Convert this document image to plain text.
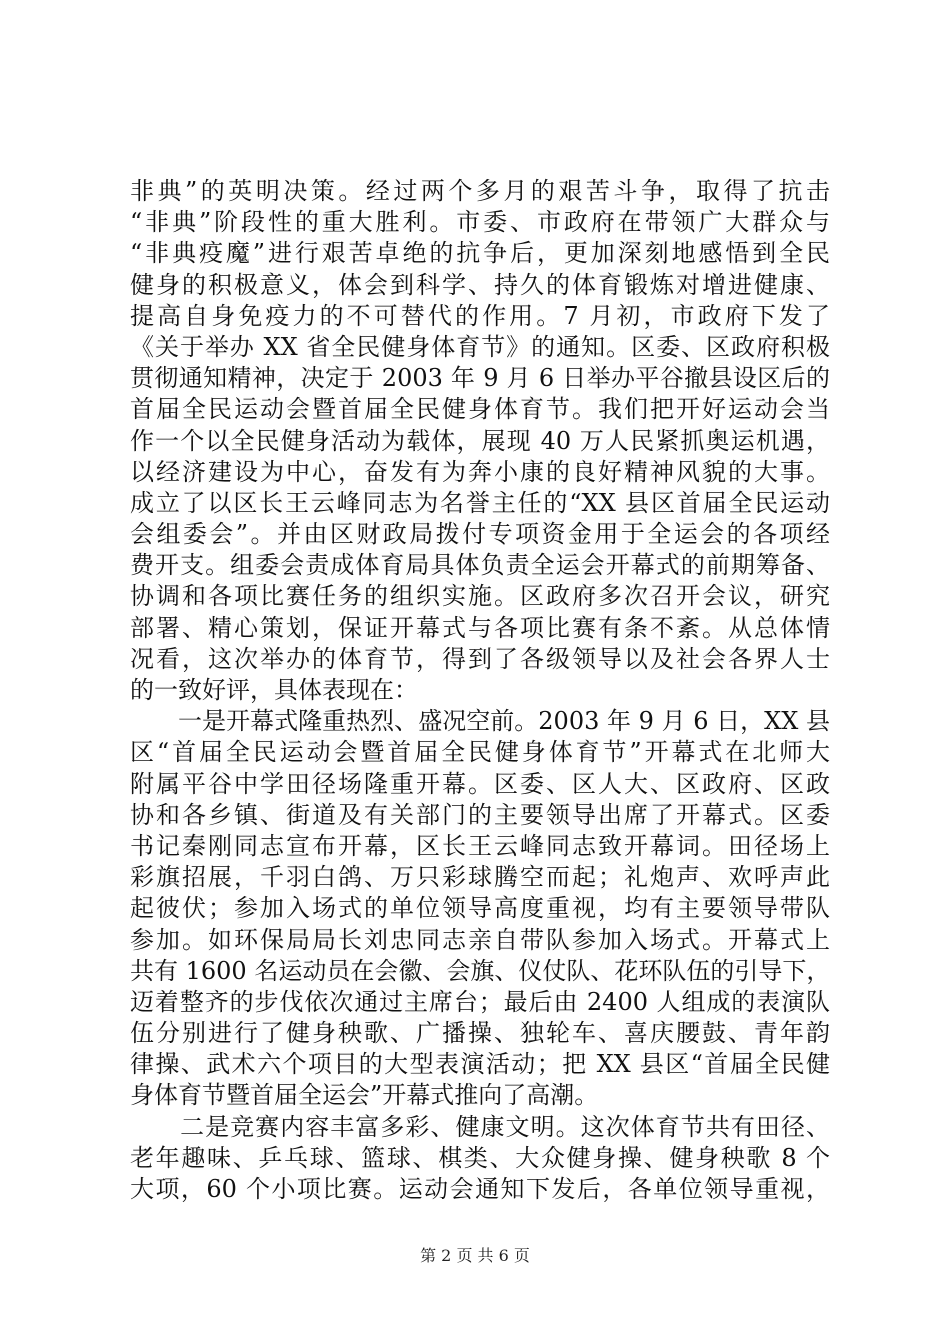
非典”的英明决策。经过两个多月的艰苦斗争，取得了抗击
“非典”阶段性的重大胜利。市委、市政府在带领广大群众与
“非典疫魔”进行艰苦卓绝的抗争后，更加深刻地感悟到全民
健身的积极意义，体会到科学、持久的体育锻炼对增进健康、
提高自身免疫力的不可替代的作用。7 月初，市政府下发了
《关于举办 XX 省全民健身体育节》的通知。区委、区政府积极
贯彻通知精神，决定于 2003 年 9 月 6 日举办平谷撤县设区后的
首届全民运动会暨首届全民健身体育节。我们把开好运动会当
作一个以全民健身活动为载体，展现 40 万人民紧抓奥运机遇，
以经济建设为中心，奋发有为奔小康的良好精神风貌的大事。
成立了以区长王云峰同志为名誉主任的“XX 县区首届全民运动
会组委会”。并由区财政局拨付专项资金用于全运会的各项经
费开支。组委会责成体育局具体负责全运会开幕式的前期筹备、
协调和各项比赛任务的组织实施。区政府多次召开会议，研究
部署、精心策划，保证开幕式与各项比赛有条不紊。从总体情
况看，这次举办的体育节，得到了各级领导以及社会各界人士
的一致好评，具体表现在：
　　一是开幕式隆重热烈、盛况空前。2003 年 9 月 6 日，XX 县
区“首届全民运动会暨首届全民健身体育节”开幕式在北师大
附属平谷中学田径场隆重开幕。区委、区人大、区政府、区政
协和各乡镇、街道及有关部门的主要领导出席了开幕式。区委
书记秦刚同志宣布开幕，区长王云峰同志致开幕词。田径场上
彩旗招展，千羽白鸽、万只彩球腾空而起；礼炮声、欢呼声此
起彼伏；参加入场式的单位领导高度重视，均有主要领导带队
参加。如环保局局长刘忠同志亲自带队参加入场式。开幕式上
共有 1600 名运动员在会徽、会旗、仪仗队、花环队伍的引导下，
迈着整齐的步伐依次通过主席台；最后由 2400 人组成的表演队
伍分别进行了健身秧歌、广播操、独轮车、喜庆腰鼓、青年韵
律操、武术六个项目的大型表演活动；把 XX 县区“首届全民健
身体育节暨首届全运会”开幕式推向了高潮。
　　二是竞赛内容丰富多彩、健康文明。这次体育节共有田径、
老年趣味、乒乓球、篮球、棋类、大众健身操、健身秧歌 8 个
大项，60 个小项比赛。运动会通知下发后，各单位领导重视，
第 2 页 共 6 页
